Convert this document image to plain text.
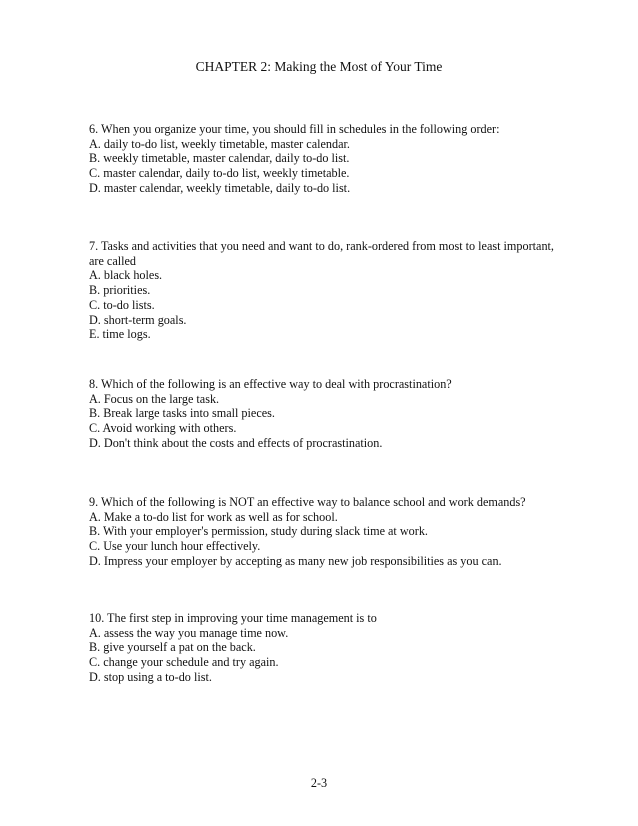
CHAPTER 2: Making the Most of Your Time
6. When you organize your time, you should fill in schedules in the following order:
A. daily to-do list, weekly timetable, master calendar.
B. weekly timetable, master calendar, daily to-do list.
C. master calendar, daily to-do list, weekly timetable.
D. master calendar, weekly timetable, daily to-do list.
7. Tasks and activities that you need and want to do, rank-ordered from most to least important, are called
A. black holes.
B. priorities.
C. to-do lists.
D. short-term goals.
E. time logs.
8. Which of the following is an effective way to deal with procrastination?
A. Focus on the large task.
B. Break large tasks into small pieces.
C. Avoid working with others.
D. Don't think about the costs and effects of procrastination.
9. Which of the following is NOT an effective way to balance school and work demands?
A. Make a to-do list for work as well as for school.
B. With your employer's permission, study during slack time at work.
C. Use your lunch hour effectively.
D. Impress your employer by accepting as many new job responsibilities as you can.
10. The first step in improving your time management is to
A. assess the way you manage time now.
B. give yourself a pat on the back.
C. change your schedule and try again.
D. stop using a to-do list.
2-3
